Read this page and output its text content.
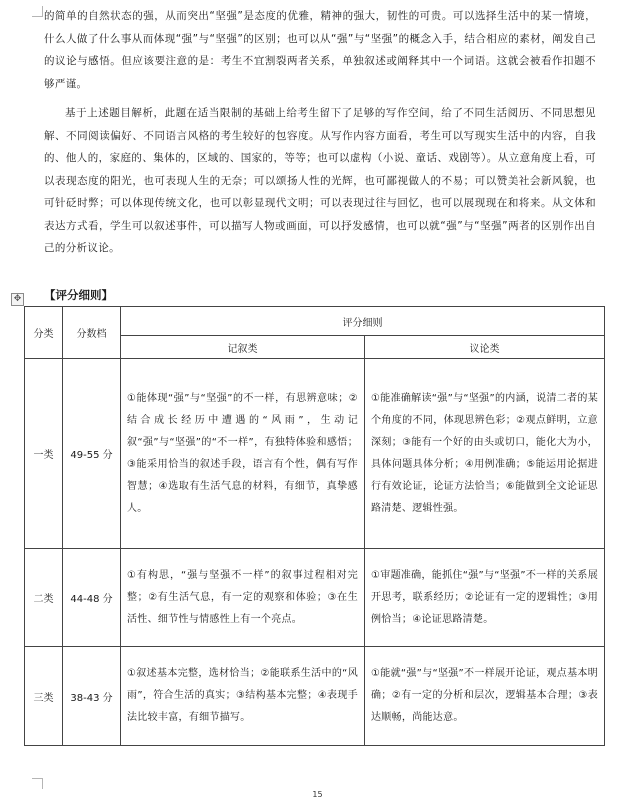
的简单的自然状态的强，从而突出“坚强”是态度的优雅，精神的强大，韧性的可贵。可以选择生活中的某一情境，什么人做了什么事从而体现“强”与“坚强”的区别；也可以从“强”与“坚强”的概念入手，结合相应的素材，阐发自己的议论与感悟。但应该要注意的是：考生不宜割裂两者关系，单独叙述或阐释其中一个词语。这就会被看作扣题不够严谨。

基于上述题目解析，此题在适当限制的基础上给考生留下了足够的写作空间，给了不同生活阅历、不同思想见解、不同阅读偏好、不同语言风格的考生较好的包容度。从写作内容方面看，考生可以写现实生活中的内容，自我的、他人的，家庭的、集体的，区域的、国家的，等等；也可以虚构（小说、童话、戏剧等）。从立意角度上看，可以表现态度的阳光，也可表现人生的无奈；可以颂扬人性的光辉，也可鄙视做人的不易；可以赞美社会新风貌，也可针砭时弊；可以体现传统文化，也可以彰显现代文明；可以表现过往与回忆，也可以展现现在和将来。从文体和表达方式看，学生可以叙述事件，可以描写人物或画面，可以抒发感情，也可以就“强”与“坚强”两者的区别作出自己的分析议论。

✥ 【评分细则】
分类	分数档	评分细则	
		记叙类	议论类
一类	49-55 分	①能体现“强”与“坚强”的不一样，有思辨意味；②结合成长经历中遭遇的“风雨”，生动记叙“强”与“坚强”的“不一样”，有独特体验和感悟；③能采用恰当的叙述手段，语言有个性，偶有写作智慧；④选取有生活气息的材料，有细节，真挚感人。	①能准确解读“强”与“坚强”的内涵，说清二者的某个角度的不同，体现思辨色彩；②观点鲜明，立意深刻；③能有一个好的由头或切口，能化大为小，具体问题具体分析；④用例准确；⑤能运用论据进行有效论证，论证方法恰当；⑥能做到全文论证思路清楚、逻辑性强。

二类	44-48 分	①有构思，“强与坚强不一样”的叙事过程相对完整；②有生活气息，有一定的观察和体验；③在生活性、细节性与情感性上有一个亮点。	①审题准确，能抓住“强”与“坚强”不一样的关系展开思考，联系经历；②论证有一定的逻辑性；③用例恰当；④论证思路清楚。

三类	38-43 分	①叙述基本完整，选材恰当；②能联系生活中的“风雨”，符合生活的真实；③结构基本完整；④表现手法比较丰富，有细节描写。	①能就“强”与“坚强”不一样展开论证，观点基本明确；②有一定的分析和层次，逻辑基本合理；③表达顺畅，尚能达意。
15
